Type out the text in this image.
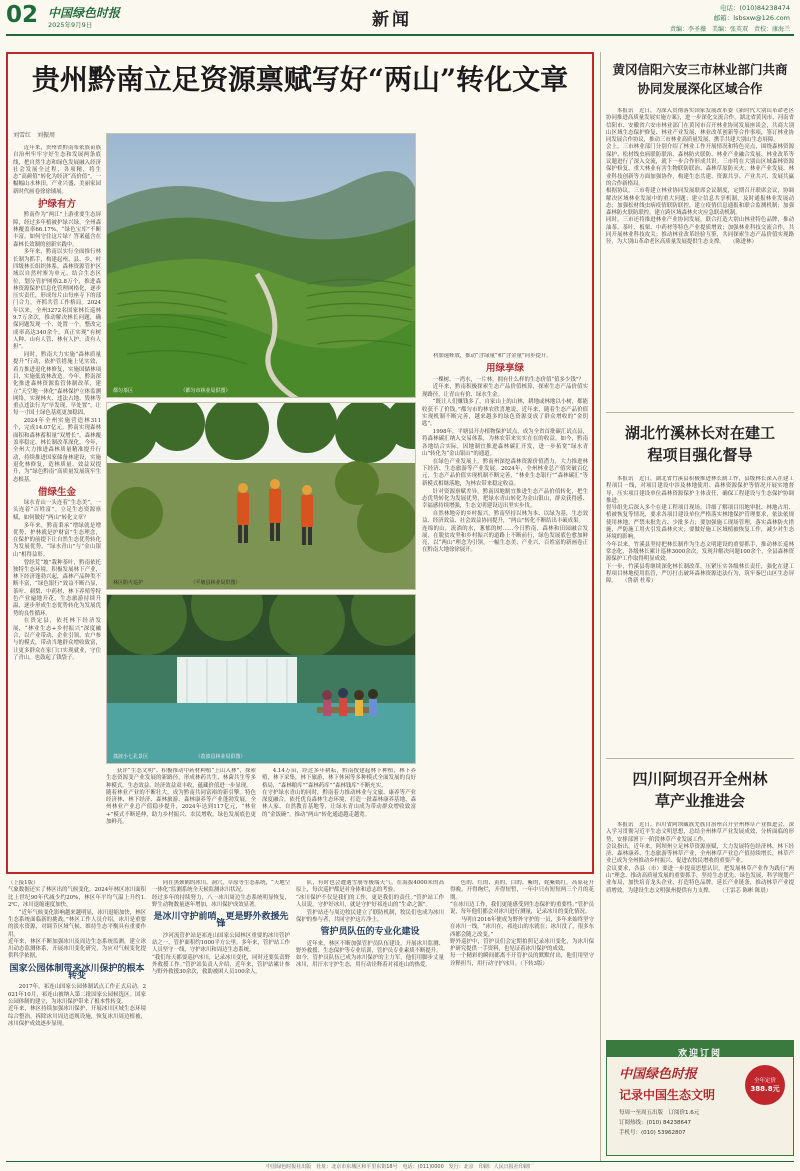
02 中国绿色时报
2025年9月9日	新闻
电话：(010)84238474
邮箱：lsbsxw@126.com
责编：李圣薇　美编：张英双　责校：康海兰
贵州黔南立足资源禀赋写好“两山”转化文章
刘雪红　刘振周

近年来，贵州省黔南布依族苗族自治州牢牢守好生态和发展两条底线，把自然生态和绿色发展融入经济社会发展全过程，各项精，将生态“高颜值”转化为经济“高价值”，一幅幅山水林田，产业兴盛、美丽家园新时代画卷徐徐铺展。

护绿有方

黔南作为“两江”上游重要生态屏障，经过多年植被护绿兴绿，全州森林覆盖率66.17%，“绿色宝库”不断丰富。如何守住这片绿？答案蕴含在森林长效制的创新实践中。

多年来，黔南以实行全面推行林长制为抓手，构建起州、县、乡、村四级林长组织体系。森林资源管护区域以自然村寨为单元，结合生态区位，划分管护网格2.8万个，推进森林资源保护信息化管理网格化，逐步压实责任，形成每片山每座寺下的部门合力，齐抓共管工作格局。2024年以来，全州3272名国家林长巡林9.7万余次，推动解决林长问题，确保问题发现一个、处置一个，整改完成率高达340余个，真正实现“有树人种、山有人管、林有人护、责有人担”。

同时，黔南大力实施“森林质量提升”行动，依护管措施上见实效，着力推进退化林修复，实施国储林项目，实施低效林改造。今年，黔南深化推进森林资源监管体制改革，建立“天空地一体化”森林保护立体监测网络，实现林火、违法占地、毁林等重点违法行为“早发现、早处置”，让每一寸国土绿色基底更加稳固。

2024年全州实施营造林311个，完成14.07亿元。黔南实现森林面积和森林蓄积量“双增长”，森林覆盖率稳定、林长制改革深化，今年，全州大力推进森林质量精准提升行动，持续推进国家储备林建设，实施退化林修复，造林质量、效益双提升，为“绿色黔南”高质量发展筑牢生态根基。

借绿生金

绿水青山一头连着“生态美”，一头连着“百姓富”。立足生态资源禀赋，如何做好“两山”转化文章？

多年来，黔南秉承“增绿就是增优势，护林就是护财富”生态理念，在保护的前提下让自然生态优势转化为发展优势，“绿水青山”与“金山银山”相得益彰。

曾经荒“坡”栽种茶叶，黔南依托独特生态环境，积极发展林下产业，林下经济蓬勃兴起，森林产品种类不断丰富，“绿色银行”效益不断凸显，茶叶、刺梨、中药材、林下养殖等特色产业遍地开花，生态旅游持续升温，逐步形成生态优势转化为发展优势的良性循环。

在贵定县，依托林下经济发展，“林业生态+乡村振兴”深度融合，以产业带动、企业引领、农户参与的模式，带动当地群众增收致富，让更多群众在家门口实现就业，守住了青山，也鼓起了钱袋子。

都匀茶区　　　　　　　　　　（都匀市林业局供图）
林区防火巡护　　　　　　　　　　（平塘县林业局供图）
荔波小七孔景区　　　　　　　　　　（荔波县林业局供图）

获评“生态文明”、积极推动中药材种植“上山入林”，探索生态资源变产业发展的新路径，形成林药共生、林菌共生等多种模式，生态效益、经济效益双丰收，蕴藏价值进一步显现。
随着林业产业的不断壮大，成为黔南共同富裕的新引擎。特色经济林、林下经济、森林旅游、森林康养等产业蓬勃发展，全州林业产业总产值稳步提升，2024年达到117亿元，“林业+”模式不断延伸，助力乡村振兴、农民增收，绿色发展底色更加鲜亮。

4.14万亩，经过多年耕耘，黔南按建起林下种植，林下养殖，林下采集，林下旅游，林下休闲等多种模式全面发展的良好格局，“森林粮库”“森林药库”“森林钱库”不断充实。
在守护绿水青山的同时，黔南着力推动林业与文旅、康养等产业深度融合，依托优良森林生态环境，打造一批森林康养基地、森林人家、自然教育基地等，让绿水青山成为带动群众增收致富的“金饭碗”，推动“两山”转化通道越走越宽。

利加速释放，推动“含绿量”和“含金量”同步提升。

用绿享绿

一棵树、一湾水，一片林，拥有什么样的生态价值“值多少钱”？

近年来，黔南积极探索生态产品价值核算，探索生态产品价值实现路径，让青山有价、绿水生金。

“既让人们赚钱多了，自家山上的山林，耕地或林地以小树，都能收获不了价钱。”都匀市的林农欣喜地说。近年来，随着生态产品价值实现机制不断完善，越来越多的绿色资源变成了群众增收的“金钥匙”。

1998年，平塘县开办植物保护试点，成为全省首批碳汇试点县，将森林碳汇纳入交易体系，为林农带来实实在在的收益。如今，黔南各地结合实际，因地制宜推进森林碳汇开发，进一步拓宽“绿水青山”转化为“金山银山”的通道。

在绿色产业发展上，黔南州深挖森林资源价值潜力，大力推进林下经济、生态旅游等产业发展。2024年，全州林业总产值突破百亿元，生态产品价值实现机制不断完善，“林业生态银行”“森林碳汇”等新模式相继落地，为林农带来稳定收益。

针对资源禀赋差异，黔南因地制宜推进生态产品价值转化，把生态优势转化为发展优势，把绿水青山转化为金山银山，群众获得感、幸福感持续增强，生态文明建设迈出坚实步伐。

自然林地旁的乡村振兴，黔南坚持以林为本、以绿为基，生态效益、经济效益、社会效益协同提升，“两山”转化不断结出丰硕成果。
连绵的山，流淌的水，葱郁的树……今日黔南，森林和田园融合发展，在脱贫攻坚和乡村振兴的道路上不断前行，绿色发展底色愈加鲜亮，以“两山”理念为引领，一幅生态美、产业兴、百姓富的新画卷正在黔南大地徐徐展开。

黄冈信阳六安三市林业部门共商协同发展深化区域合作
本报讯　近日，为深入贯彻落实国家发展改革委《新时代大别山革命老区协同推进高质量发展实施方案》，进一步深化交流合作，湖北省黄冈市、河南省信阳市、安徽省六安市林业部门在黄冈市召开林业协同发展座谈会，共商大别山区域生态保护修复、林业产业发展、林业改革创新等合作事项，签订林业协同发展合作协议，推动三市林业高质量发展，携手共建大别山生态屏障。
会上，三市林业部门分别介绍了林业工作开展情况和特色亮点，围绕森林资源保护、松材线虫病联防联治、森林防火联防、林业产业融合发展、林业改革等议题进行了深入交流，就下一步合作形成共识。三市将在大别山区域森林资源保护修复、重大林业有害生物联防联治、森林草原防灭火、林业产业发展、林业科技创新等方面加强协作，构建生态共建、资源共享、产业共兴、发展共赢的合作新格局。
根据协议，三市将建立林业协同发展联席会议制度，定期召开联席会议，协调解决区域林业发展中的重大问题；建立信息共享机制，及时通报林业发展动态；加强松材线虫病疫情联防联控，建立疫情信息通报和联合监测机制；加强森林防火联防联控，建立跨区域森林火灾应急联动机制。
同时，三市还将推进林业产业协同发展，联合打造大别山林业特色品牌，推动油茶、茶叶、板栗、中药材等特色产业提质增效；加强林业科技交流合作，共同开展林业科技攻关；推动林业改革经验互鉴，共同探索生态产品价值实现路径，为大别山革命老区高质量发展提供生态支撑。　　（陈进林）
湖北竹溪林长对在建工程项目强化督导
本报讯　近日，湖北省竹溪县积极推进林长制工作，县级林长深入在建工程项目一线，对项目建设中涉及林地使用、森林资源保护等情况开展实地督导，压实项目建设单位森林资源保护主体责任，确保工程建设与生态保护协调推进。
督导组先后深入多个在建工程项目现场，详细了解项目用地审批、林地占用、植被恢复等情况，要求各项目建设单位严格落实林地保护管理要求，依法依规使用林地，严禁未批先占、少批多占；要加强施工现场管理，落实森林防火措施，严防施工用火引发森林火灾；要做好施工区域植被恢复工作，减少对生态环境的影响。
今年以来，竹溪县坚持把林长制作为生态文明建设的重要抓手，推动林长巡林常态化，各级林长累计巡林3000余次，发现并解决问题100余个，全县森林资源保护工作取得明显成效。
下一步，竹溪县将继续深化林长制改革，压紧压实各级林长责任，强化在建工程项目林地使用监管，严厉打击破坏森林资源违法行为，筑牢秦巴山区生态屏障。　　（鲁新 杜希）
四川阿坝召开全州林草产业推进会
本报讯　近日，四川省阿坝藏族羌族自治州召开全州林草产业推进会，深入学习贯彻习近平生态文明思想，总结全州林草产业发展成效，分析面临的形势，安排部署下一阶段林草产业发展工作。
会议指出，近年来，阿坝州立足林草资源禀赋，大力发展特色经济林、林下经济、森林康养、生态旅游等林草产业，全州林草产业总产值持续增长，林草产业已成为全州推动乡村振兴、促进农牧民增收的重要产业。
会议要求，各县（市）要进一步提高思想认识，把发展林草产业作为践行“两山”理念、推动高质量发展的重要抓手，坚持生态优先、绿色发展，科学规划产业布局，加快培育龙头企业，打造特色品牌，延长产业链条，推动林草产业提质增效，为建设生态文明强州提供有力支撑。　　（王雷芯 陈彬 陈晨）
欢迎订阅
中国绿色时报
记录中国生态文明
全年定价
388.8元
每周一至周五出版　订阅价1.6元
订阅热线：(010) 84238647
手机号：(010) 53962807

（上接1版）
气象数据还实了林区出的气候变化。2024年林区冰川面积比上世纪90年代减少约20%，林区年平均气温上升约1.2℃，冰川退缩速度加快。

“近年气候变化影响越来越明显，冰川退缩加快，林区生态系统面临新的挑战。”林区工作人员介绍，冰川是重要的淡水资源，对调节区域气候、维持生态平衡具有重要作用。
近年来，林区不断加强冰川及周边生态系统监测，建立冰川动态监测体系，开展冰川变化研究，为应对气候变化提供科学依据。

国家公园体制带来冰川保护的根本转变

2017年，祁连山国家公园体制试点工作正式启动。2021年10月，祁连山被纳入第二批国家公园候选区。国家公园体制的建立，为冰川保护带来了根本性转变。
近年来，林区持续加强冰川保护，开展冰川区域生态环境综合整治，拆除冰川周边违规设施，恢复冰川周边植被，冰川保护成效逐步显现。

同在黑颈鹤的冰川，洞穴，草原等生态系统，“天地空一体化”监测系统全天候监测冰川状况。
经过多年的持续努力，八一冰川周边生态系统明显恢复，野生动物数量逐年增加，冰川保护成效显著。

是冰川守护前哨，更是野外救援先锋

沙河流管护站是祁连山国家公园林区重要的冰川管护站之一，管护面积约1000平方公里。多年来，管护站工作人员坚守一线，守护冰川和周边生态系统。
“我们每天都要巡护冰川，记录冰川变化，同时还要负责野外救援工作。”管护站负责人介绍，近年来，管护站累计参与野外救援30余次，救助被困人员100余人。

队，有时也会遭遇雪崩等极端天气。在海拔4000米的高原上，每次巡护都是对身体和意志的考验。
“冰川保护不仅是我们的工作，更是我们的责任。”管护站工作人员说，守护好冰川，就是守护好祁连山的“生命之源”。

管护站还与周边牧民建立了联防机制，牧民们也成为冰川保护的参与者，共同守护这片净土。

管护员队伍的专业化建设

近年来，林区不断加强管护员队伍建设，开展冰川监测、野外救援、生态保护等专业培训，管护员专业素质不断提升。
如今，管护员队伍已成为冰川保护的主力军，他们用脚步丈量冰川，用汗水守护生态，用行动诠释着对祁连山的热爱。

色的、红的、黄的，白的、紫的，姹紫嫣红。高原花开得晚，开得绚烂，开得短暂，一年中只有短短两三个月的花期。
“在冰川边工作，我们更能感受到生态保护的重要性。”管护员说，每年他们都会对冰川进行测量，记录冰川的变化情况。

马明自2016年便成为野外守护的一员，多年来始终坚守在冰川一线。“冰川在，祁连山的水就在；冰川没了，很多东西都会随之改变。”
野外巡护中，管护员们会定期拍照记录冰川变化，为冰川保护研究提供一手资料，也见证着冰川保护的成效。
每一个精彩的瞬间都离不开管护员的默默付出，他们用坚守诠释担当，用行动守护冰川。（下转3版）

中国绿色时报社出版　社址：北京市东城区和平里东街18号　电话：(011)0000　发行：北京　印刷：人民日报社印刷厂
